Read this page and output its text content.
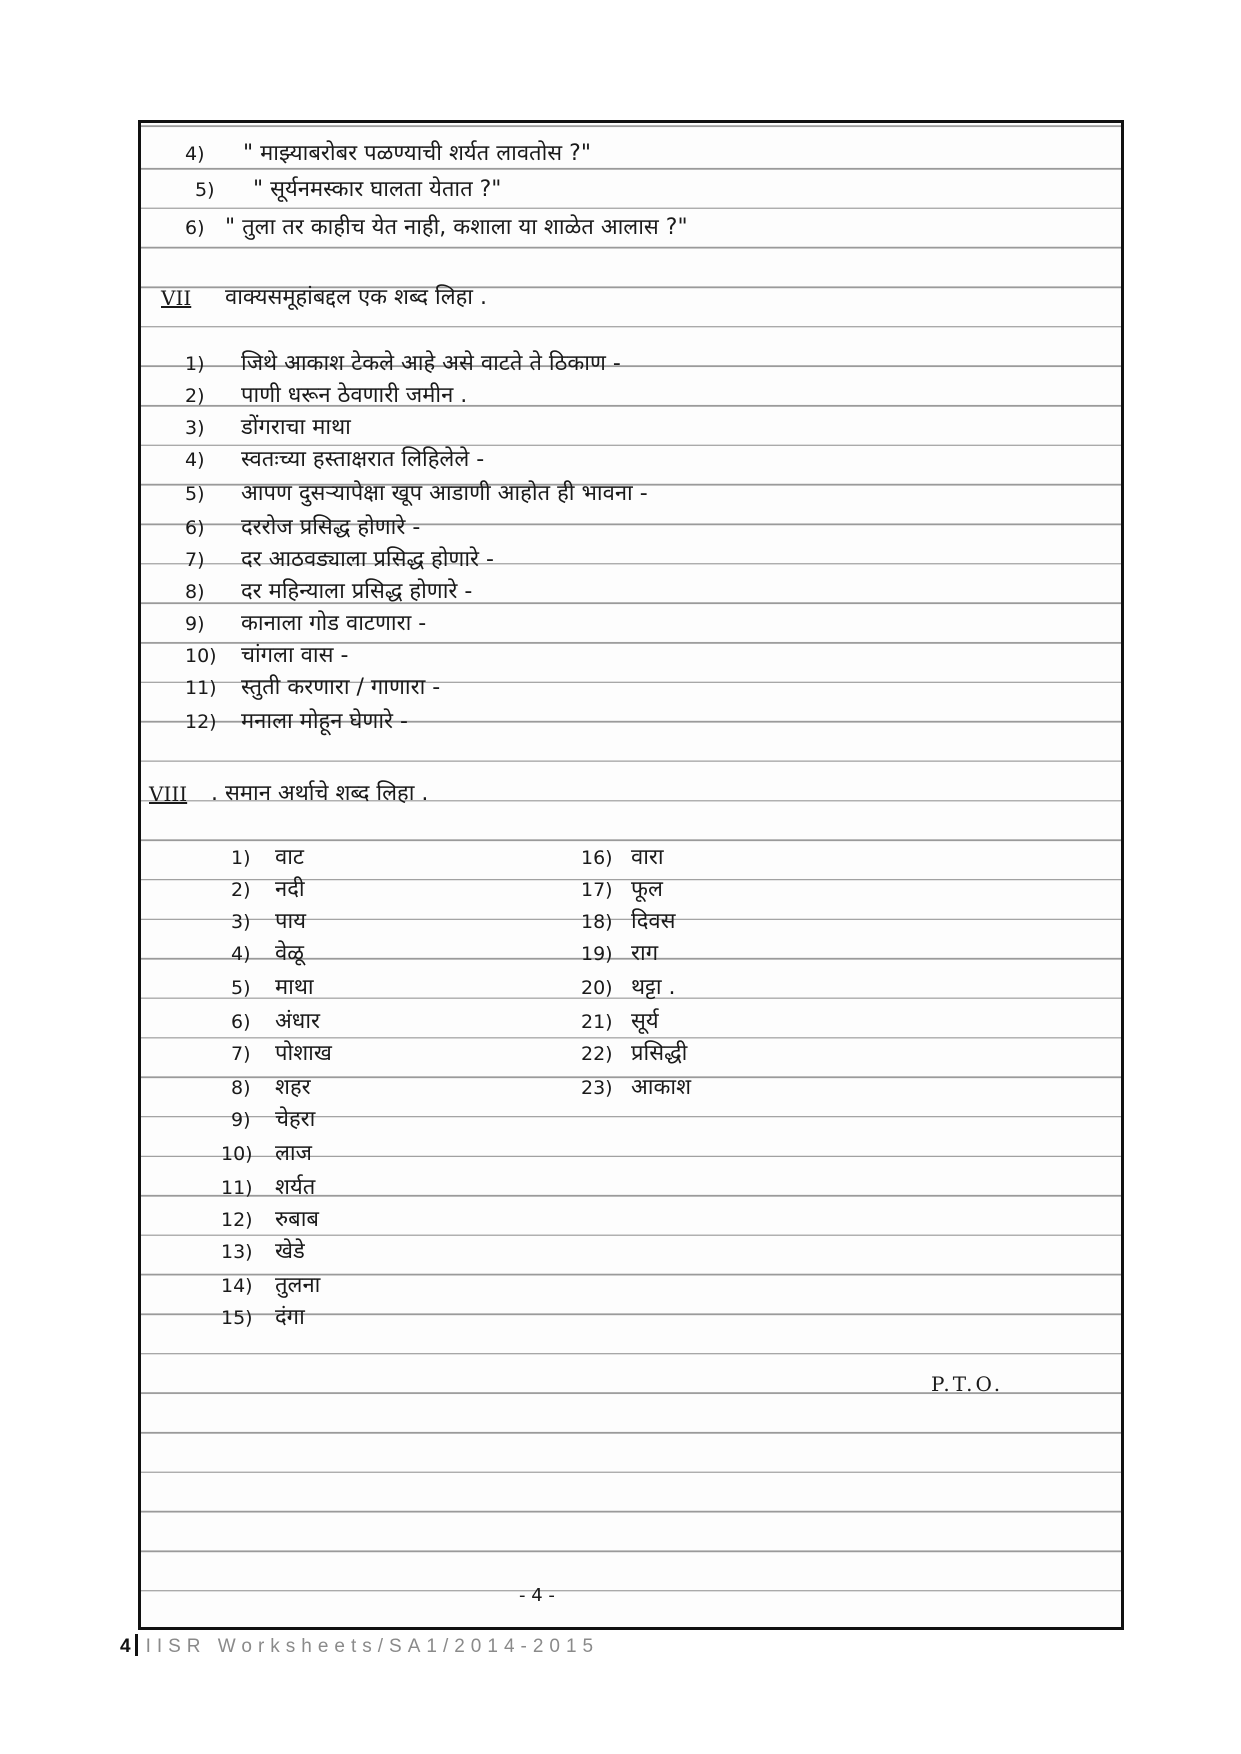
4) " माझ्याबरोबर पळण्याची शर्यत लावतोस ?"
5) " सूर्यनमस्कार घालता येतात ?"
6) " तुला तर काहीच येत नाही, कशाला या शाळेत आलास ?"
VII वाक्यसमूहांबद्दल एक शब्द लिहा .
1) जिथे आकाश टेकले आहे असे वाटते ते ठिकाण -
2) पाणी धरून ठेवणारी जमीन .
3) डोंगराचा माथा
4) स्वतःच्या हस्ताक्षरात लिहिलेले -
5) आपण दुसऱ्यापेक्षा खूप आडाणी आहोत ही भावना -
6) दररोज प्रसिद्ध होणारे -
7) दर आठवड्याला प्रसिद्ध होणारे -
8) दर महिन्याला प्रसिद्ध होणारे -
9) कानाला गोड वाटणारा -
10) चांगला वास -
11) स्तुती करणारा / गाणारा -
12) मनाला मोहून घेणारे -
VIII . समान अर्थाचे शब्द लिहा .
1) वाट
2) नदी
3) पाय
4) वेळू
5) माथा
6) अंधार
7) पोशाख
8) शहर
9) चेहरा
10) लाज
11) शर्यत
12) रुबाब
13) खेडे
14) तुलना
15) दंगा
16) वारा
17) फूल
18) दिवस
19) राग
20) थट्टा .
21) सूर्य
22) प्रसिद्धी
23) आकाश
P.T.O.
- 4 -
4 IISR Worksheets/SA1/2014-2015
